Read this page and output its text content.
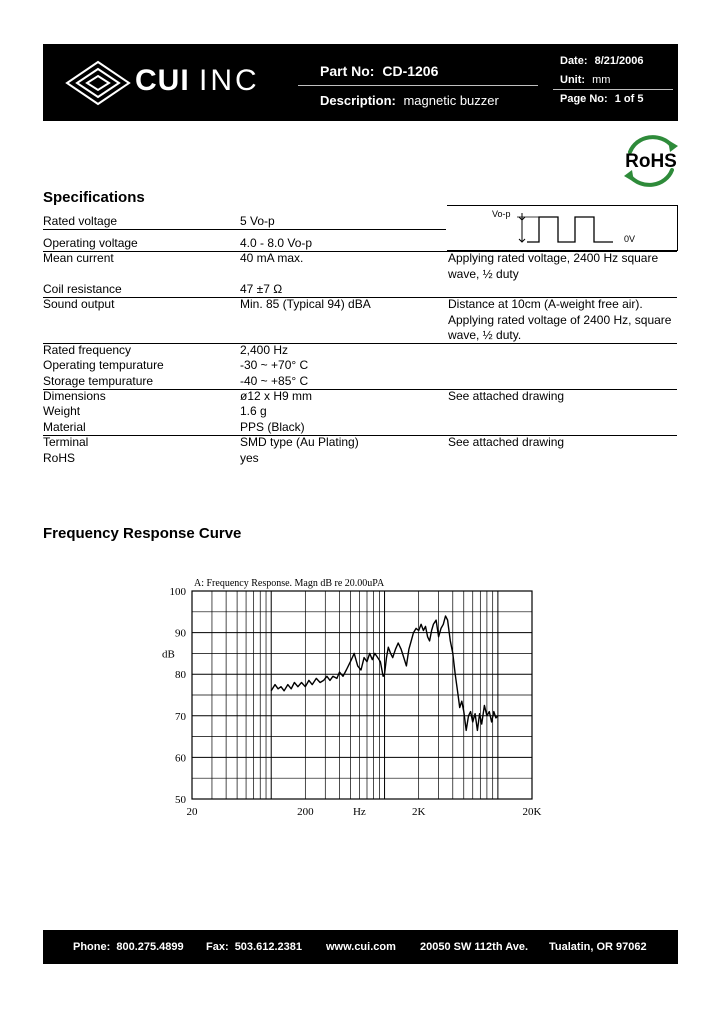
CUI INC	Part No: CD-1206
Description: magnetic buzzer
Date: 8/21/2006
Unit: mm
Page No: 1 of 5
RoHS
Specifications
Rated voltage	5 Vo-p
Operating voltage	4.0 - 8.0 Vo-p
Mean current	40 mA max.	Applying rated voltage, 2400 Hz square wave, ½ duty
Coil resistance	47 ±7 Ω
Sound output	Min. 85 (Typical 94) dBA	Distance at 10cm (A-weight free air). Applying rated voltage of 2400 Hz, square wave, ½ duty.
Rated frequency	2,400 Hz
Operating tempurature	-30 ~ +70° C
Storage tempurature	-40 ~ +85° C
Dimensions	ø12 x H9 mm	See attached drawing
Weight	1.6 g
Material	PPS (Black)
Terminal	SMD type (Au Plating)	See attached drawing
RoHS	yes
Vo-p
0V
Frequency Response Curve
A: Frequency Response. Magn dB re 20.00uPA
50
60
70
80
90
100
dB
20	200	2K	20K
Hz
Phone: 800.275.4899 Fax: 503.612.2381 www.cui.com 20050 SW 112th Ave. Tualatin, OR 97062
